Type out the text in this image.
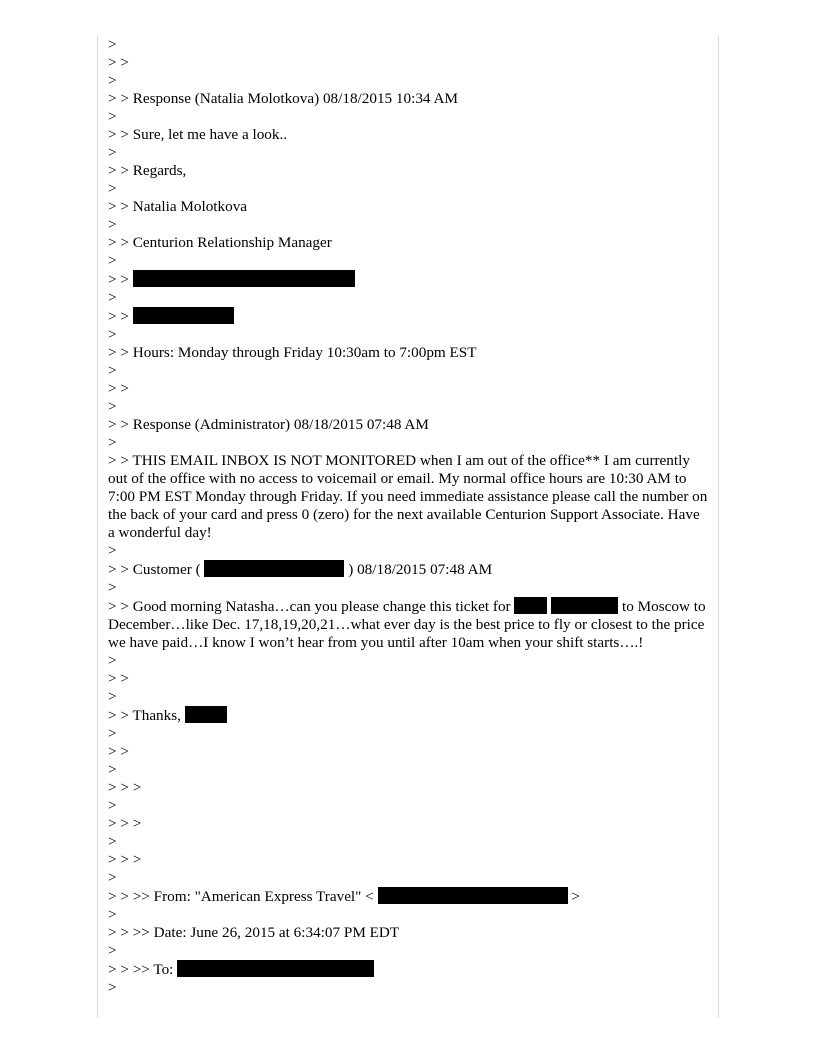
>
> >
>
> > Response (Natalia Molotkova) 08/18/2015 10:34 AM
>
> > Sure, let me have a look..
>
> > Regards,
>
> > Natalia Molotkova
>
> > Centurion Relationship Manager
>
> >
>
> >
>
> > Hours: Monday through Friday 10:30am to 7:00pm EST
>
> >
>
> > Response (Administrator) 08/18/2015 07:48 AM
>
> > THIS EMAIL INBOX IS NOT MONITORED when I am out of the office** I am currently out of the office with no access to voicemail or email. My normal office hours are 10:30 AM to 7:00 PM EST Monday through Friday. If you need immediate assistance please call the number on the back of your card and press 0 (zero) for the next available Centurion Support Associate. Have a wonderful day!
>
> > Customer (	) 08/18/2015 07:48 AM
>
> > Good morning Natasha…can you please change this ticket for	to Moscow to December…like Dec. 17,18,19,20,21…what ever day is the best price to fly or closest to the price we have paid…I know I won’t hear from you until after 10am when your shift starts….!
>
> >
>
> > Thanks,
>
> >
>
> > >
>
> > >
>
> > >
>
> > >> From: "American Express Travel" <	>
>
> > >> Date: June 26, 2015 at 6:34:07 PM EDT
>
> > >> To:
>
